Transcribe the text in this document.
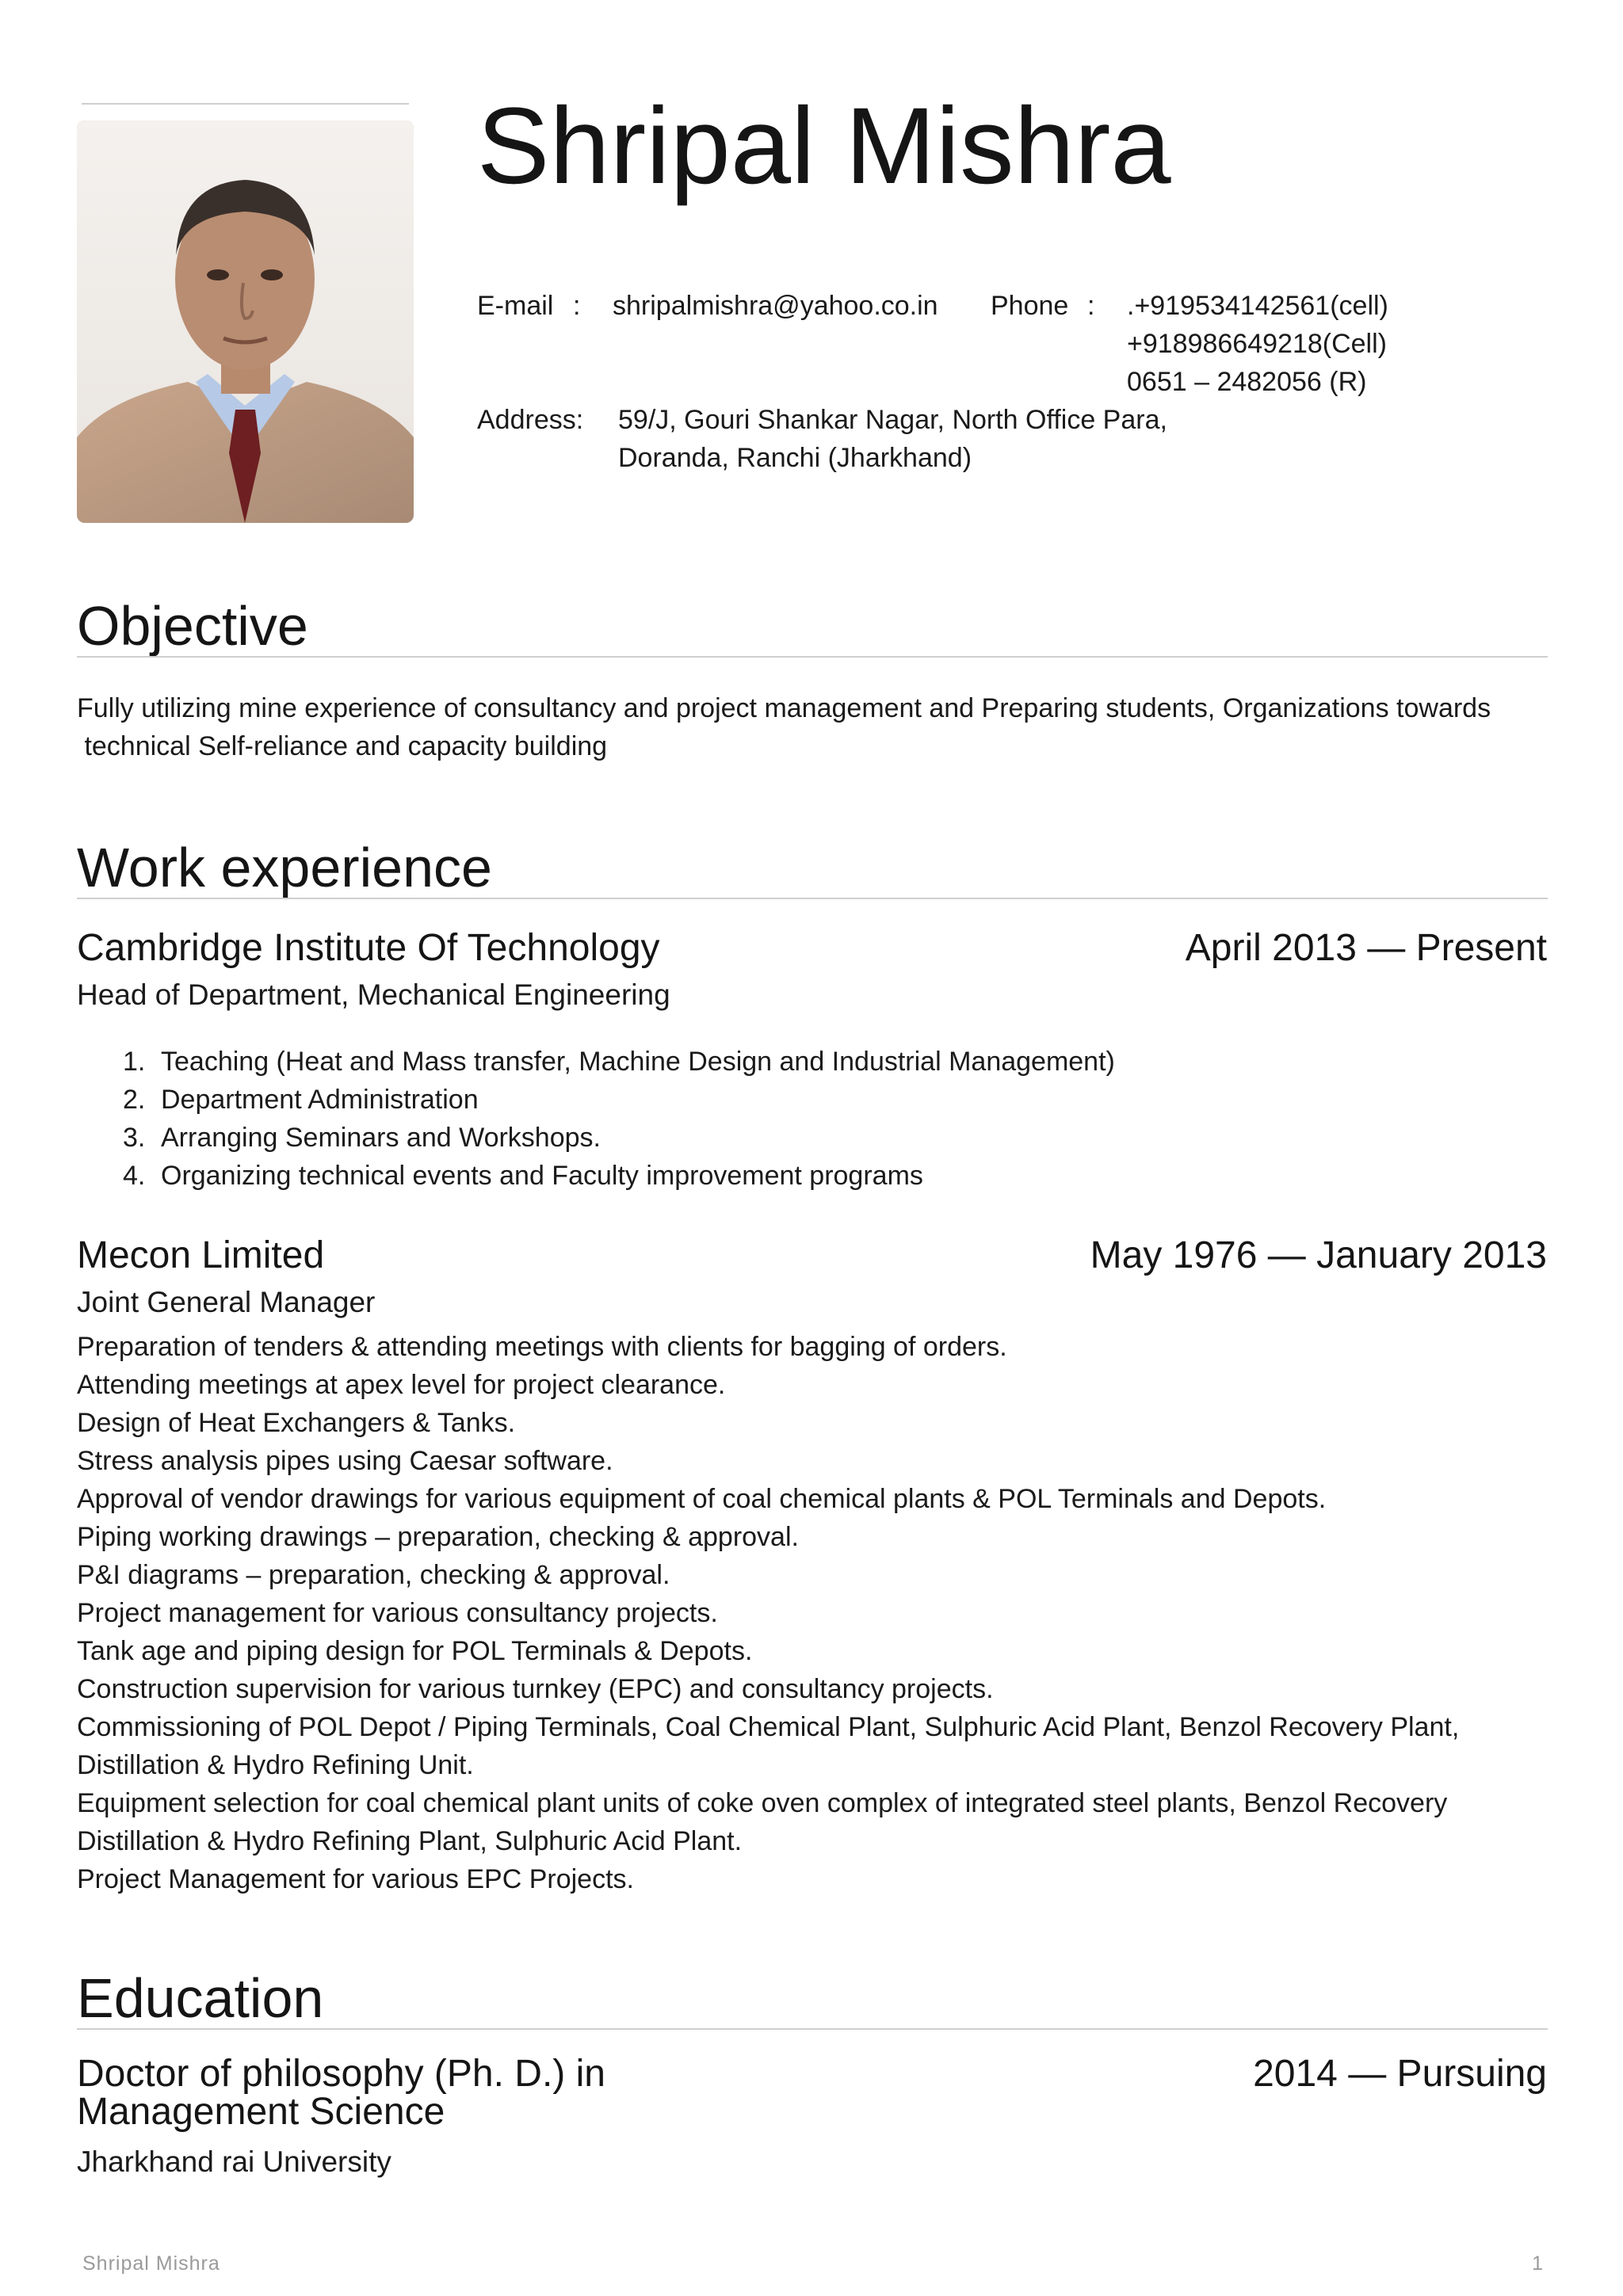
Shripal Mishra
E-mail : shripalmishra@yahoo.co.in Phone : .+919534142561(cell)
+918986649218(Cell)
0651 – 2482056 (R)
Address: 59/J, Gouri Shankar Nagar, North Office Para,
Doranda, Ranchi (Jharkhand)
Objective
Fully utilizing mine experience of consultancy and project management and Preparing students, Organizations towards
technical Self-reliance and capacity building
Work experience
Cambridge Institute Of Technology	April 2013 — Present
Head of Department, Mechanical Engineering
1. Teaching (Heat and Mass transfer, Machine Design and Industrial Management)
2. Department Administration
3. Arranging Seminars and Workshops.
4. Organizing technical events and Faculty improvement programs
Mecon Limited	May 1976 — January 2013
Joint General Manager
Preparation of tenders & attending meetings with clients for bagging of orders.
Attending meetings at apex level for project clearance.
Design of Heat Exchangers & Tanks.
Stress analysis pipes using Caesar software.
Approval of vendor drawings for various equipment of coal chemical plants & POL Terminals and Depots.
Piping working drawings – preparation, checking & approval.
P&I diagrams – preparation, checking & approval.
Project management for various consultancy projects.
Tank age and piping design for POL Terminals & Depots.
Construction supervision for various turnkey (EPC) and consultancy projects.
Commissioning of POL Depot / Piping Terminals, Coal Chemical Plant, Sulphuric Acid Plant, Benzol Recovery Plant,
Distillation & Hydro Refining Unit.
Equipment selection for coal chemical plant units of coke oven complex of integrated steel plants, Benzol Recovery
Distillation & Hydro Refining Plant, Sulphuric Acid Plant.
Project Management for various EPC Projects.
Education
Doctor of philosophy (Ph. D.) in
Management Science
2014 — Pursuing
Jharkhand rai University
Shripal Mishra	1
